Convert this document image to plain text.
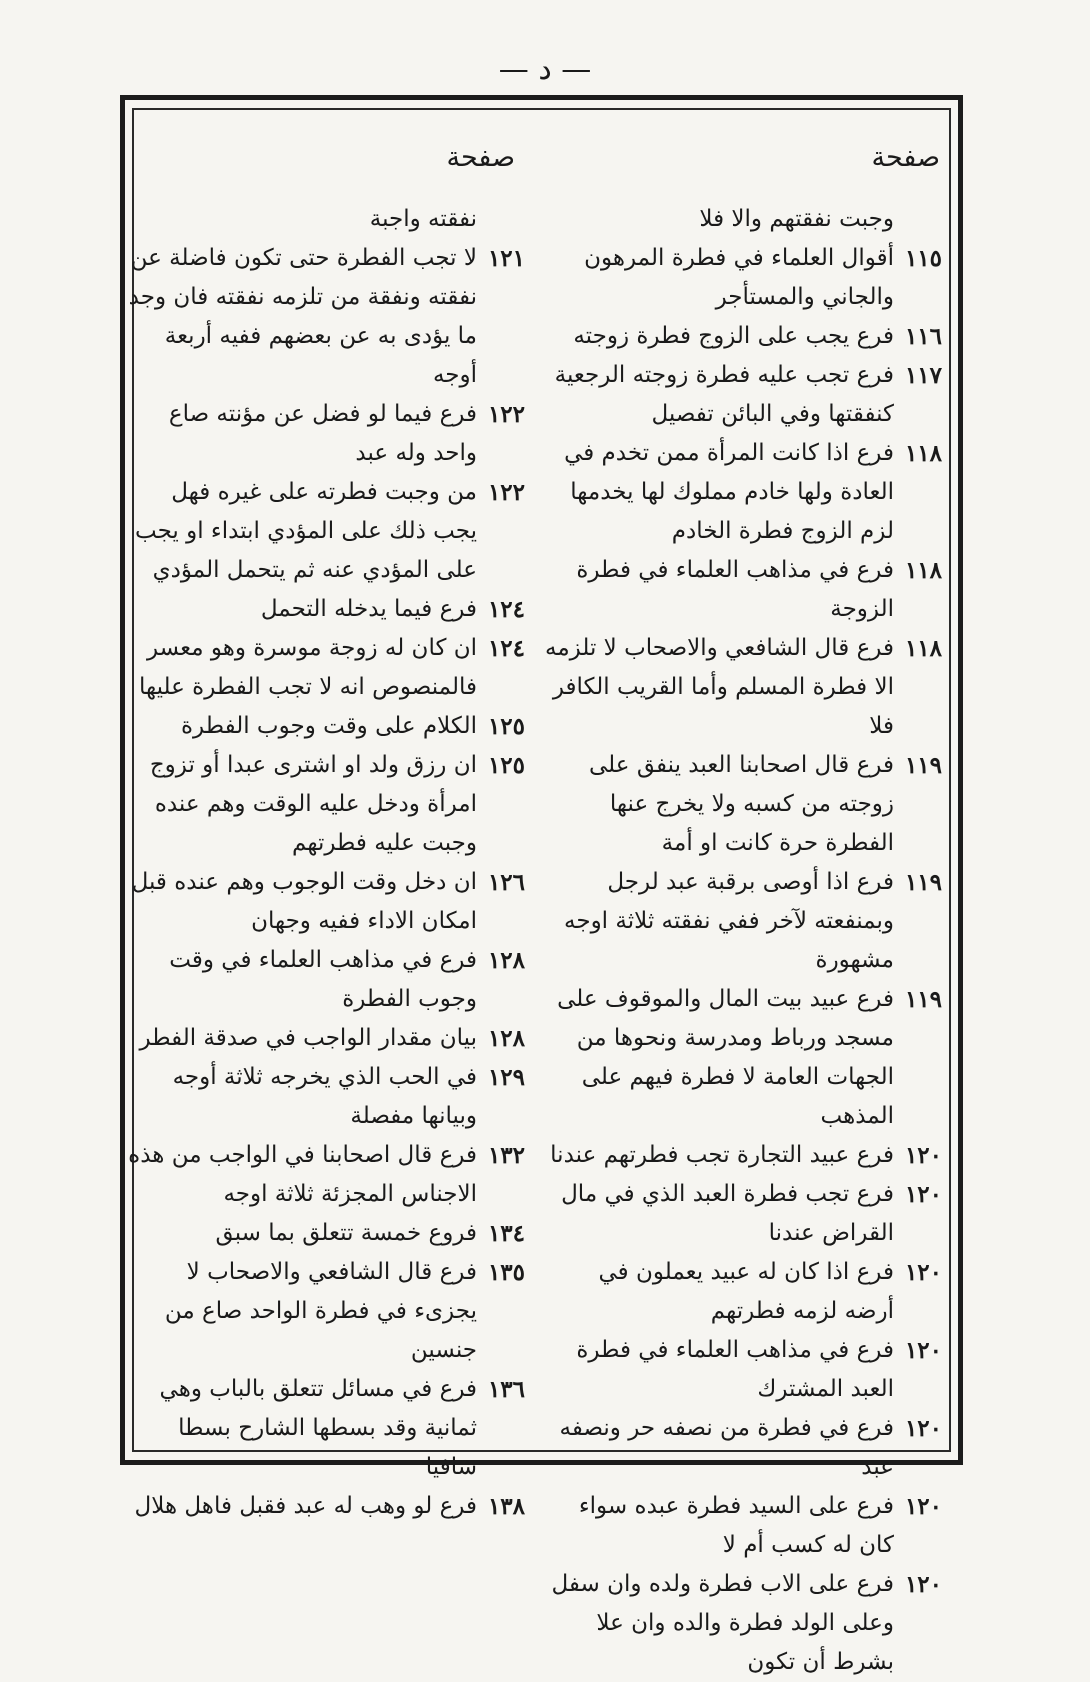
— د —
صفحة
صفحة
وجبت نفقتهم والا فلا
١١٥
أقوال العلماء في فطرة المرهون والجاني والمستأجر
١١٦
فرع يجب على الزوج فطرة زوجته
١١٧
فرع تجب عليه فطرة زوجته الرجعية كنفقتها وفي البائن تفصيل
١١٨
فرع اذا كانت المرأة ممن تخدم في العادة ولها خادم مملوك لها يخدمها لزم الزوج فطرة الخادم
١١٨
فرع في مذاهب العلماء في فطرة الزوجة
١١٨
فرع قال الشافعي والاصحاب لا تلزمه الا فطرة المسلم وأما القريب الكافر فلا
١١٩
فرع قال اصحابنا العبد ينفق على زوجته من كسبه ولا يخرج عنها الفطرة حرة كانت او أمة
١١٩
فرع اذا أوصى برقبة عبد لرجل وبمنفعته لآخر ففي نفقته ثلاثة اوجه مشهورة
١١٩
فرع عبيد بيت المال والموقوف على مسجد ورباط ومدرسة ونحوها من الجهات العامة لا فطرة فيهم على المذهب
١٢٠
فرع عبيد التجارة تجب فطرتهم عندنا
١٢٠
فرع تجب فطرة العبد الذي في مال القراض عندنا
١٢٠
فرع اذا كان له عبيد يعملون في أرضه لزمه فطرتهم
١٢٠
فرع في مذاهب العلماء في فطرة العبد المشترك
١٢٠
فرع في فطرة من نصفه حر ونصفه عبد
١٢٠
فرع على السيد فطرة عبده سواء كان له كسب أم لا
١٢٠
فرع على الاب فطرة ولده وان سفل وعلى الولد فطرة والده وان علا بشرط أن تكون
نفقته واجبة
١٢١
لا تجب الفطرة حتى تكون فاضلة عن نفقته ونفقة من تلزمه نفقته فان وجد ما يؤدى به عن بعضهم ففيه أربعة أوجه
١٢٢
فرع فيما لو فضل عن مؤنته صاع واحد وله عبد
١٢٢
من وجبت فطرته على غيره فهل يجب ذلك على المؤدي ابتداء او يجب على المؤدي عنه ثم يتحمل المؤدي
١٢٤
فرع فيما يدخله التحمل
١٢٤
ان كان له زوجة موسرة وهو معسر فالمنصوص انه لا تجب الفطرة عليها
١٢٥
الكلام على وقت وجوب الفطرة
١٢٥
ان رزق ولد او اشترى عبدا أو تزوج امرأة ودخل عليه الوقت وهم عنده وجبت عليه فطرتهم
١٢٦
ان دخل وقت الوجوب وهم عنده قبل امكان الاداء ففيه وجهان
١٢٨
فرع في مذاهب العلماء في وقت وجوب الفطرة
١٢٨
بيان مقدار الواجب في صدقة الفطر
١٢٩
في الحب الذي يخرجه ثلاثة أوجه وبيانها مفصلة
١٣٢
فرع قال اصحابنا في الواجب من هذه الاجناس المجزئة ثلاثة اوجه
١٣٤
فروع خمسة تتعلق بما سبق
١٣٥
فرع قال الشافعي والاصحاب لا يجزىء في فطرة الواحد صاع من جنسين
١٣٦
فرع في مسائل تتعلق بالباب وهي ثمانية وقد بسطها الشارح بسطا شافيا
١٣٨
فرع لو وهب له عبد فقبل فاهل هلال
